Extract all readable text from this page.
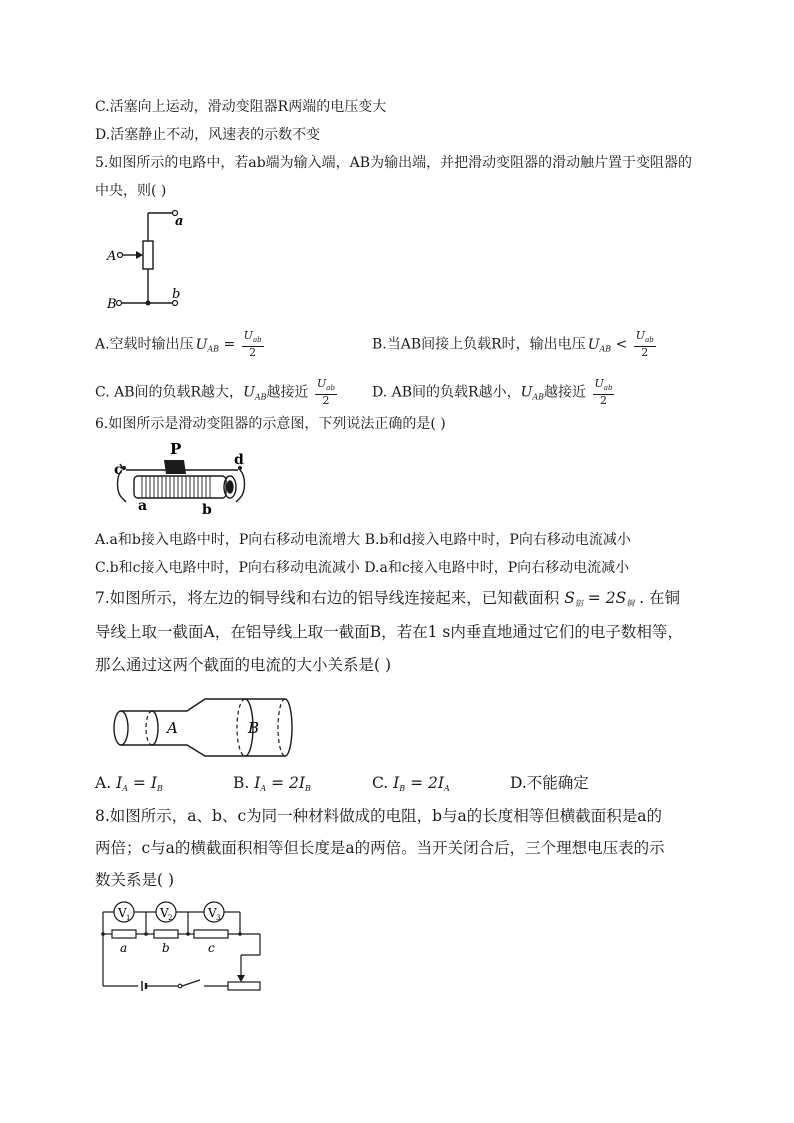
C.活塞向上运动，滑动变阻器R两端的电压变大
D.活塞静止不动，风速表的示数不变
5.如图所示的电路中，若ab端为输入端，AB为输出端，并把滑动变阻器的滑动触片置于变阻器的
中央，则( )
a
A
B
b
A.空载时输出压 $U_{AB} = \frac{U_{ab}}{2}$	B.当AB间接上负载R时，输出电压 $U_{AB} < \frac{U_{ab}}{2}$
C. AB间的负载R越大，$U_{AB}$越接近 $\frac{U_{ab}}{2}$	D. AB间的负载R越小，$U_{AB}$越接近 $\frac{U_{ab}}{2}$
6.如图所示是滑动变阻器的示意图，下列说法正确的是( )
P
c
d
a	b
A.a和b接入电路中时，P向右移动电流增大 B.b和d接入电路中时，P向右移动电流减小
C.b和c接入电路中时，P向右移动电流减小 D.a和c接入电路中时，P向右移动电流减小
7.如图所示，将左边的铜导线和右边的铝导线连接起来，已知截面积 $S_铝 = 2S_铜$ . 在铜
导线上取一截面A，在铝导线上取一截面B，若在1 s内垂直地通过它们的电子数相等，
那么通过这两个截面的电流的大小关系是( )
A	B
A. $I_A = I_B$	B. $I_A = 2I_B$	C. $I_B = 2I_A$	D.不能确定
8.如图所示，a、b、c为同一种材料做成的电阻，b与a的长度相等但横截面积是a的
两倍；c与a的横截面积相等但长度是a的两倍。当开关闭合后，三个理想电压表的示
数关系是( )
V 1 V 2	V 3
a	b	c
